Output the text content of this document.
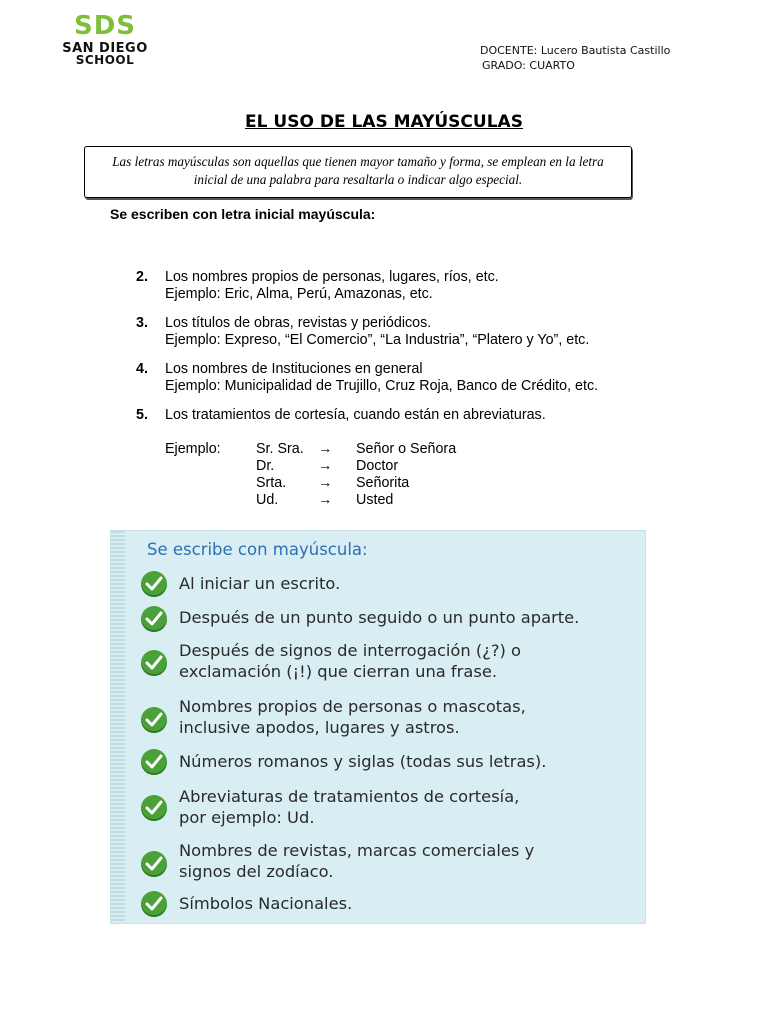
SDS
SAN DIEGO
SCHOOL
DOCENTE: Lucero Bautista Castillo
GRADO: CUARTO
EL USO DE LAS MAYÚSCULAS
Las letras mayúsculas son aquellas que tienen mayor tamaño y forma, se emplean en la letra inicial de una palabra para resaltarla o indicar algo especial.
Se escriben con letra inicial mayúscula:
2. Los nombres propios de personas, lugares, ríos, etc.
Ejemplo: Eric, Alma, Perú, Amazonas, etc.
3. Los títulos de obras, revistas y periódicos.
Ejemplo: Expreso, “El Comercio”, “La Industria”, “Platero y Yo”, etc.
4. Los nombres de Instituciones en general
Ejemplo: Municipalidad de Trujillo, Cruz Roja, Banco de Crédito, etc.
5. Los tratamientos de cortesía, cuando están en abreviaturas.
Ejemplo:	Sr. Sra. → Señor o Señora
Dr.	→ Doctor
Srta. → Señorita
Ud.	→ Usted
Se escribe con mayúscula:
Al iniciar un escrito.
Después de un punto seguido o un punto aparte.
Después de signos de interrogación (¿?) o
exclamación (¡!) que cierran una frase.
Nombres propios de personas o mascotas,
inclusive apodos, lugares y astros.
Números romanos y siglas (todas sus letras).
Abreviaturas de tratamientos de cortesía,
por ejemplo: Ud.
Nombres de revistas, marcas comerciales y
signos del zodíaco.
Símbolos Nacionales.
